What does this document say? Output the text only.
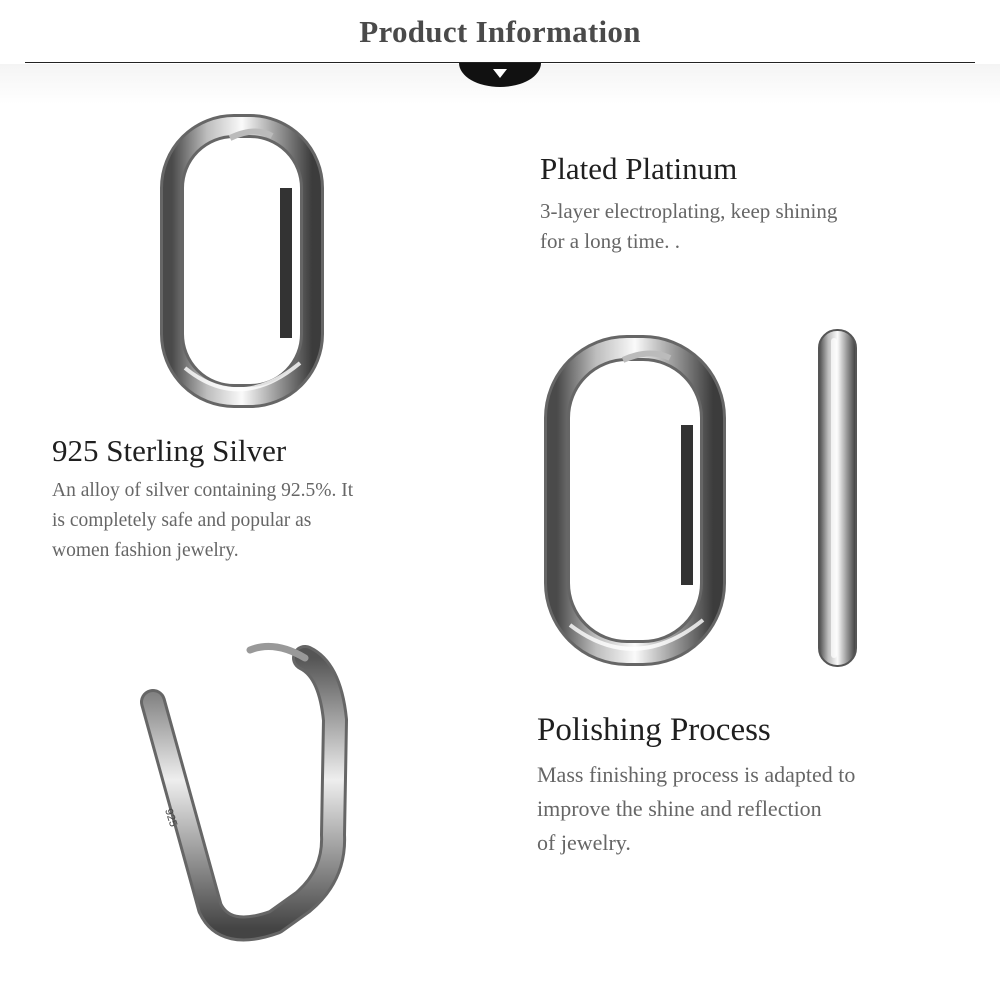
Product Information
925
925 Sterling Silver
An alloy of silver containing 92.5%. It
is completely safe and popular as
women fashion jewelry.
Plated Platinum
3-layer electroplating, keep shining
for a long time. .
Polishing Process
Mass finishing process is adapted to
improve the shine and reflection
of jewelry.
